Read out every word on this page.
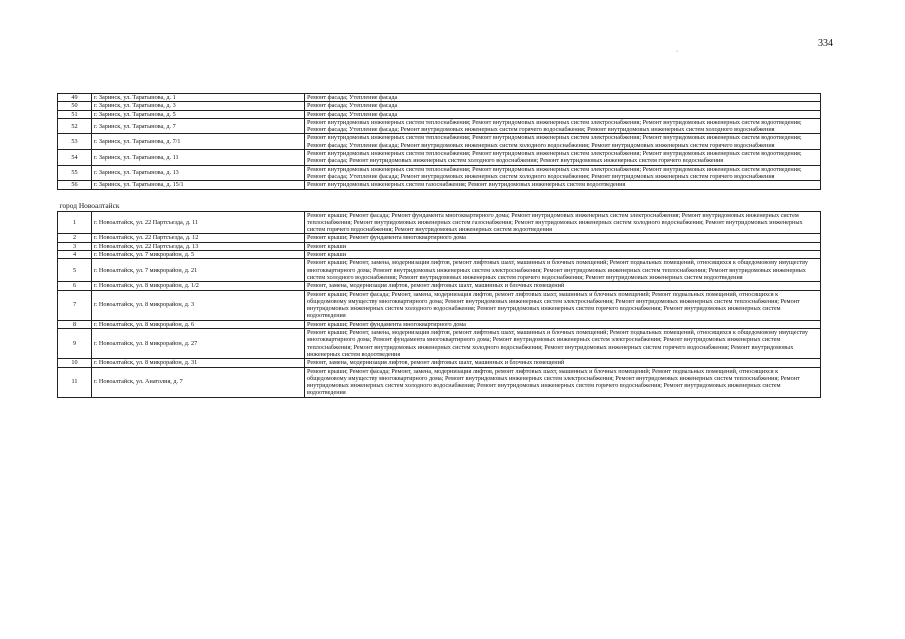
334
·
49	г. Заринск, ул. Таратынова, д. 1	Ремонт фасада; Утепление фасада
50	г. Заринск, ул. Таратынова, д. 3	Ремонт фасада; Утепление фасада
51	г. Заринск, ул. Таратынова, д. 5	Ремонт фасада; Утепление фасада
52	г. Заринск, ул. Таратынова, д. 7	Ремонт внутридомовых инженерных систем теплоснабжения; Ремонт внутридомовых инженерных систем электроснабжения; Ремонт внутридомовых инженерных систем водоотведения; Ремонт фасада; Утепление фасада; Ремонт внутридомовых инженерных систем горячего водоснабжения; Ремонт внутридомовых инженерных систем холодного водоснабжения
53	г. Заринск, ул. Таратынова, д. 7/1	Ремонт внутридомовых инженерных систем теплоснабжения; Ремонт внутридомовых инженерных систем электроснабжения; Ремонт внутридомовых инженерных систем водоотведения; Ремонт фасада; Утепление фасада; Ремонт внутридомовых инженерных систем холодного водоснабжения; Ремонт внутридомовых инженерных систем горячего водоснабжения
54	г. Заринск, ул. Таратынова, д. 11	Ремонт внутридомовых инженерных систем теплоснабжения; Ремонт внутридомовых инженерных систем электроснабжения; Ремонт внутридомовых инженерных систем водоотведения; Ремонт фасада; Ремонт внутридомовых инженерных систем холодного водоснабжения; Ремонт внутридомовых инженерных систем горячего водоснабжения
55	г. Заринск, ул. Таратынова, д. 13	Ремонт внутридомовых инженерных систем теплоснабжения; Ремонт внутридомовых инженерных систем электроснабжения; Ремонт внутридомовых инженерных систем водоотведения; Ремонт фасада; Утепление фасада; Ремонт внутридомовых инженерных систем холодного водоснабжения; Ремонт внутридомовых инженерных систем горячего водоснабжения
56	г. Заринск, ул. Таратынова, д. 15/1	Ремонт внутридомовых инженерных систем газоснабжения; Ремонт внутридомовых инженерных систем водоотведения

город Новоалтайск		
1	г. Новоалтайск, ул. 22 Партсъезда, д. 11	Ремонт крыши; Ремонт фасада; Ремонт фундамента многоквартирного дома; Ремонт внутридомовых инженерных систем электроснабжения; Ремонт внутридомовых инженерных систем теплоснабжения; Ремонт внутридомовых инженерных систем газоснабжения; Ремонт внутридомовых инженерных систем холодного водоснабжения; Ремонт внутридомовых инженерных систем горячего водоснабжения; Ремонт внутридомовых инженерных систем водоотведения
2	г. Новоалтайск, ул. 22 Партсъезда, д. 12	Ремонт крыши; Ремонт фундамента многоквартирного дома
3	г. Новоалтайск, ул. 22 Партсъезда, д. 13	Ремонт крыши
4	г. Новоалтайск, ул. 7 микрорайон, д. 5	Ремонт крыши
5	г. Новоалтайск, ул. 7 микрорайон, д. 21	Ремонт крыши; Ремонт, замена, модернизация лифтов, ремонт лифтовых шахт, машинных и блочных помещений; Ремонт подвальных помещений, относящихся к общедомовому имуществу многоквартирного дома; Ремонт внутридомовых инженерных систем электроснабжения; Ремонт внутридомовых инженерных систем теплоснабжения; Ремонт внутридомовых инженерных систем холодного водоснабжения; Ремонт внутридомовых инженерных систем горячего водоснабжения; Ремонт внутридомовых инженерных систем водоотведения
6	г. Новоалтайск, ул. 8 микрорайон, д. 1/2	Ремонт, замена, модернизация лифтов, ремонт лифтовых шахт, машинных и блочных помещений
7	г. Новоалтайск, ул. 8 микрорайон, д. 3	Ремонт крыши; Ремонт фасада; Ремонт, замена, модернизация лифтов, ремонт лифтовых шахт, машинных и блочных помещений; Ремонт подвальных помещений, относящихся к общедомовому имуществу многоквартирного дома; Ремонт внутридомовых инженерных систем электроснабжения; Ремонт внутридомовых инженерных систем теплоснабжения; Ремонт внутридомовых инженерных систем холодного водоснабжения; Ремонт внутридомовых инженерных систем горячего водоснабжения; Ремонт внутридомовых инженерных систем водоотведения
8	г. Новоалтайск, ул. 8 микрорайон, д. 6	Ремонт крыши; Ремонт фундамента многоквартирного дома
9	г. Новоалтайск, ул. 8 микрорайон, д. 27	Ремонт крыши; Ремонт, замена, модернизация лифтов, ремонт лифтовых шахт, машинных и блочных помещений; Ремонт подвальных помещений, относящихся к общедомовому имуществу многоквартирного дома; Ремонт фундамента многоквартирного дома; Ремонт внутридомовых инженерных систем электроснабжения; Ремонт внутридомовых инженерных систем теплоснабжения; Ремонт внутридомовых инженерных систем холодного водоснабжения; Ремонт внутридомовых инженерных систем горячего водоснабжения; Ремонт внутридомовых инженерных систем водоотведения
10	г. Новоалтайск, ул. 8 микрорайон, д. 31	Ремонт, замена, модернизация лифтов, ремонт лифтовых шахт, машинных и блочных помещений
11	г. Новоалтайск, ул. Анатолия, д. 7	Ремонт крыши; Ремонт фасада; Ремонт, замена, модернизация лифтов, ремонт лифтовых шахт, машинных и блочных помещений; Ремонт подвальных помещений, относящихся к общедомовому имуществу многоквартирного дома; Ремонт внутридомовых инженерных систем электроснабжения; Ремонт внутридомовых инженерных систем теплоснабжения; Ремонт внутридомовых инженерных систем холодного водоснабжения; Ремонт внутридомовых инженерных систем горячего водоснабжения; Ремонт внутридомовых инженерных систем водоотведения
